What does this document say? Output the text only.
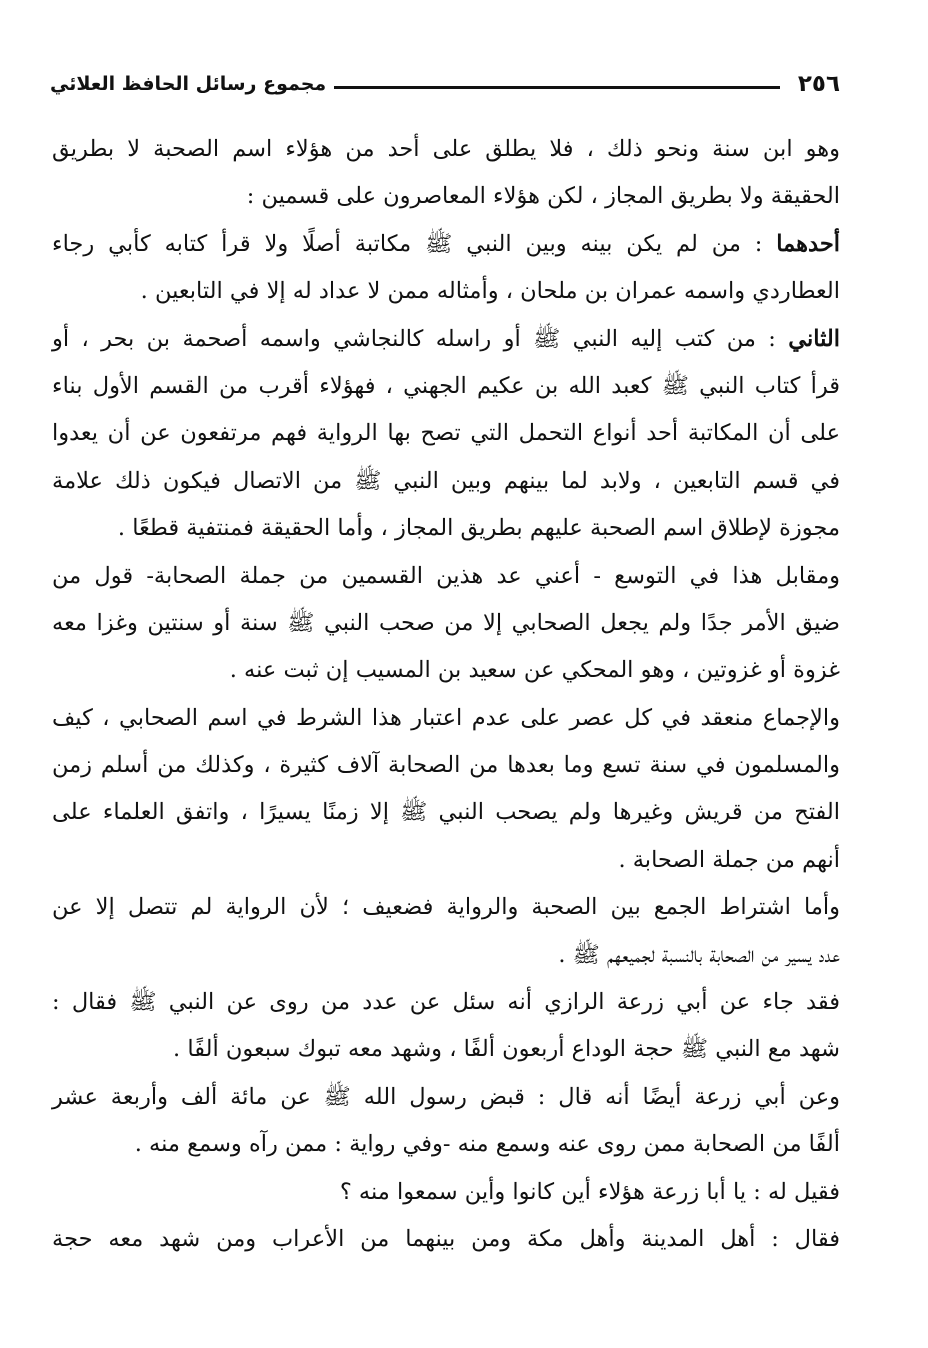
٢٥٦
مجموع رسائل الحافظ العلائي
وهو ابن سنة ونحو ذلك ، فلا يطلق على أحد من هؤلاء اسم الصحبة لا بطريق
الحقيقة ولا بطريق المجاز ، لكن هؤلاء المعاصرون على قسمين :
أحدهما : من لم يكن بينه وبين النبي ﷺ مكاتبة أصلًا ولا قرأ كتابه كأبي رجاء
العطاردي واسمه عمران بن ملحان ، وأمثاله ممن لا عداد له إلا في التابعين .
الثاني : من كتب إليه النبي ﷺ أو راسله كالنجاشي واسمه أصحمة بن بحر ، أو
قرأ كتاب النبي ﷺ كعبد الله بن عكيم الجهني ، فهؤلاء أقرب من القسم الأول بناء
على أن المكاتبة أحد أنواع التحمل التي تصح بها الرواية فهم مرتفعون عن أن يعدوا
في قسم التابعين ، ولابد لما بينهم وبين النبي ﷺ من الاتصال فيكون ذلك علامة
مجوزة لإطلاق اسم الصحبة عليهم بطريق المجاز ، وأما الحقيقة فمنتفية قطعًا .
ومقابل هذا في التوسع - أعني عد هذين القسمين من جملة الصحابة- قول من
ضيق الأمر جدًا ولم يجعل الصحابي إلا من صحب النبي ﷺ سنة أو سنتين وغزا معه
غزوة أو غزوتين ، وهو المحكي عن سعيد بن المسيب إن ثبت عنه .
والإجماع منعقد في كل عصر على عدم اعتبار هذا الشرط في اسم الصحابي ، كيف
والمسلمون في سنة تسع وما بعدها من الصحابة آلاف كثيرة ، وكذلك من أسلم زمن
الفتح من قريش وغيرها ولم يصحب النبي ﷺ إلا زمنًا يسيرًا ، واتفق العلماء على
أنهم من جملة الصحابة .
وأما اشتراط الجمع بين الصحبة والرواية فضعيف ؛ لأن الرواية لم تتصل إلا عن
عدد يسير من الصحابة بالنسبة لجميعهم ﷺ .
فقد جاء عن أبي زرعة الرازي أنه سئل عن عدد من روى عن النبي ﷺ فقال :
شهد مع النبي ﷺ حجة الوداع أربعون ألفًا ، وشهد معه تبوك سبعون ألفًا .
وعن أبي زرعة أيضًا أنه قال : قبض رسول الله ﷺ عن مائة ألف وأربعة عشر
ألفًا من الصحابة ممن روى عنه وسمع منه -وفي رواية : ممن رآه وسمع منه .
فقيل له : يا أبا زرعة هؤلاء أين كانوا وأين سمعوا منه ؟
فقال : أهل المدينة وأهل مكة ومن بينهما من الأعراب ومن شهد معه حجة
